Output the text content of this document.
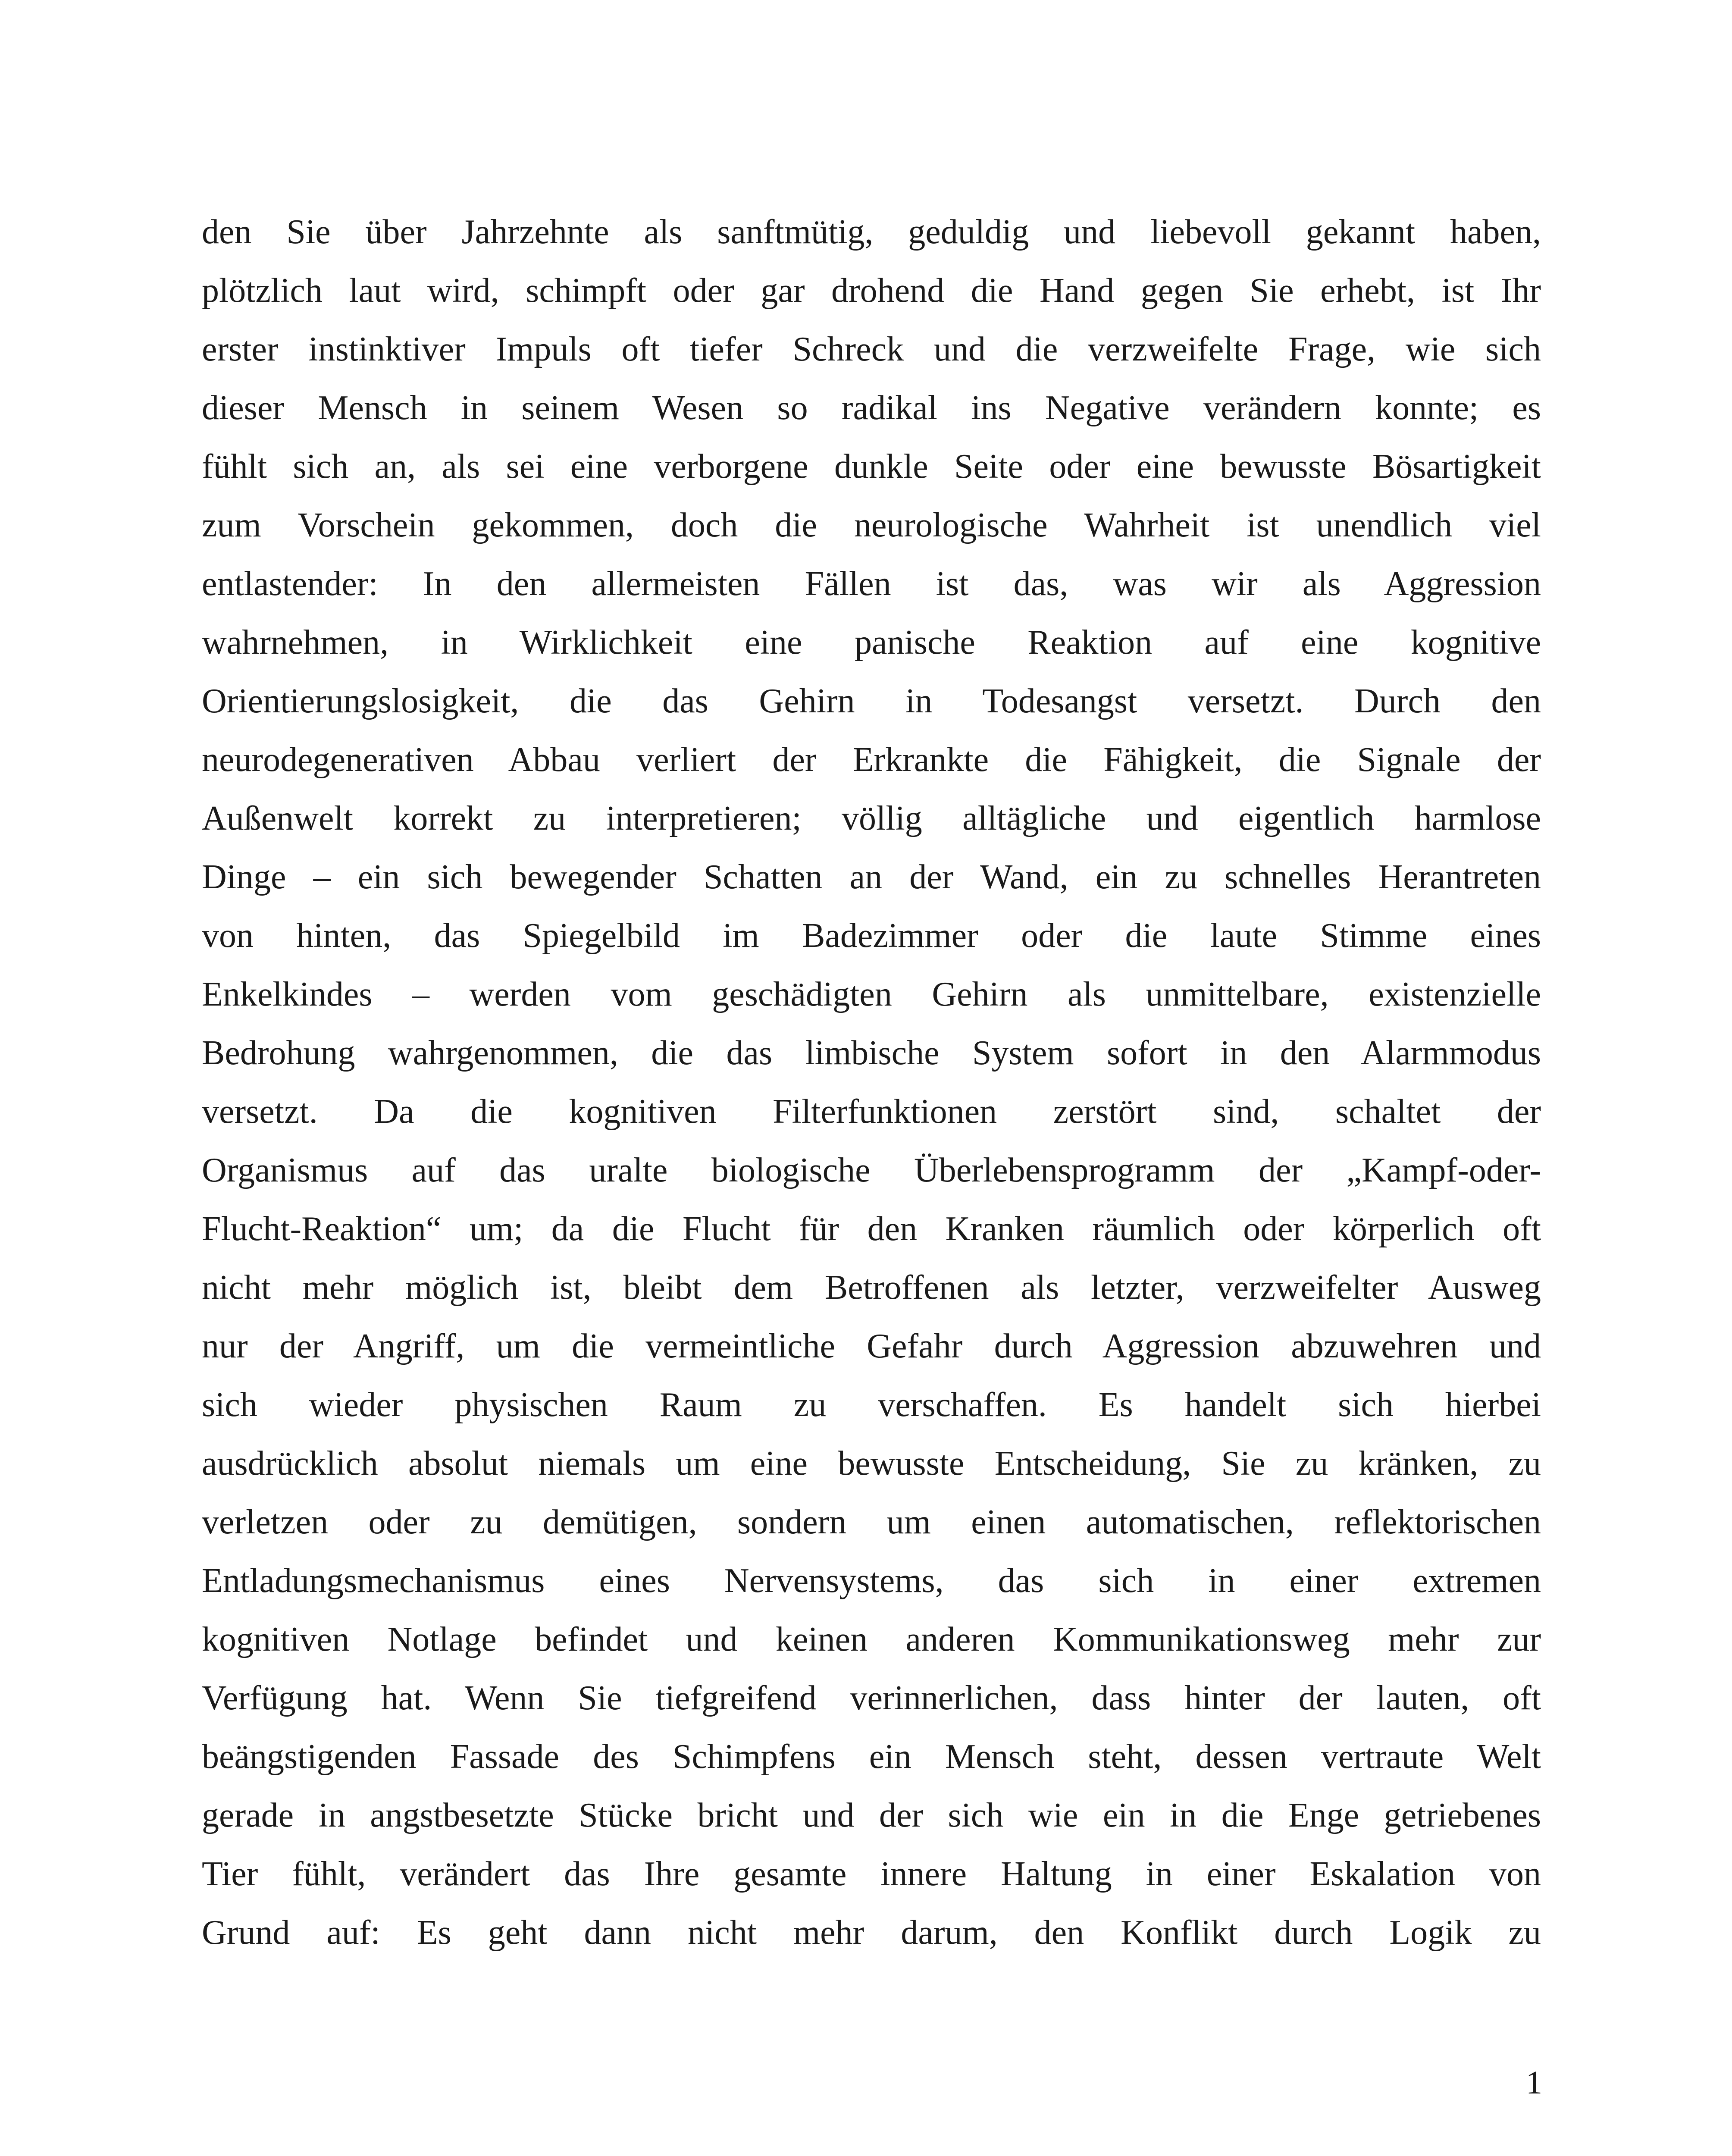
den Sie über Jahrzehnte als sanftmütig, geduldig und liebevoll gekannt haben,
plötzlich laut wird, schimpft oder gar drohend die Hand gegen Sie erhebt, ist Ihr
erster instinktiver Impuls oft tiefer Schreck und die verzweifelte Frage, wie sich
dieser Mensch in seinem Wesen so radikal ins Negative verändern konnte; es
fühlt sich an, als sei eine verborgene dunkle Seite oder eine bewusste Bösartigkeit
zum Vorschein gekommen, doch die neurologische Wahrheit ist unendlich viel
entlastender: In den allermeisten Fällen ist das, was wir als Aggression
wahrnehmen, in Wirklichkeit eine panische Reaktion auf eine kognitive
Orientierungslosigkeit, die das Gehirn in Todesangst versetzt. Durch den
neurodegenerativen Abbau verliert der Erkrankte die Fähigkeit, die Signale der
Außenwelt korrekt zu interpretieren; völlig alltägliche und eigentlich harmlose
Dinge – ein sich bewegender Schatten an der Wand, ein zu schnelles Herantreten
von hinten, das Spiegelbild im Badezimmer oder die laute Stimme eines
Enkelkindes – werden vom geschädigten Gehirn als unmittelbare, existenzielle
Bedrohung wahrgenommen, die das limbische System sofort in den Alarmmodus
versetzt. Da die kognitiven Filterfunktionen zerstört sind, schaltet der
Organismus auf das uralte biologische Überlebensprogramm der „Kampf-oder-
Flucht-Reaktion“ um; da die Flucht für den Kranken räumlich oder körperlich oft
nicht mehr möglich ist, bleibt dem Betroffenen als letzter, verzweifelter Ausweg
nur der Angriff, um die vermeintliche Gefahr durch Aggression abzuwehren und
sich wieder physischen Raum zu verschaffen. Es handelt sich hierbei
ausdrücklich absolut niemals um eine bewusste Entscheidung, Sie zu kränken, zu
verletzen oder zu demütigen, sondern um einen automatischen, reflektorischen
Entladungsmechanismus eines Nervensystems, das sich in einer extremen
kognitiven Notlage befindet und keinen anderen Kommunikationsweg mehr zur
Verfügung hat. Wenn Sie tiefgreifend verinnerlichen, dass hinter der lauten, oft
beängstigenden Fassade des Schimpfens ein Mensch steht, dessen vertraute Welt
gerade in angstbesetzte Stücke bricht und der sich wie ein in die Enge getriebenes
Tier fühlt, verändert das Ihre gesamte innere Haltung in einer Eskalation von
Grund auf: Es geht dann nicht mehr darum, den Konflikt durch Logik zu
1
